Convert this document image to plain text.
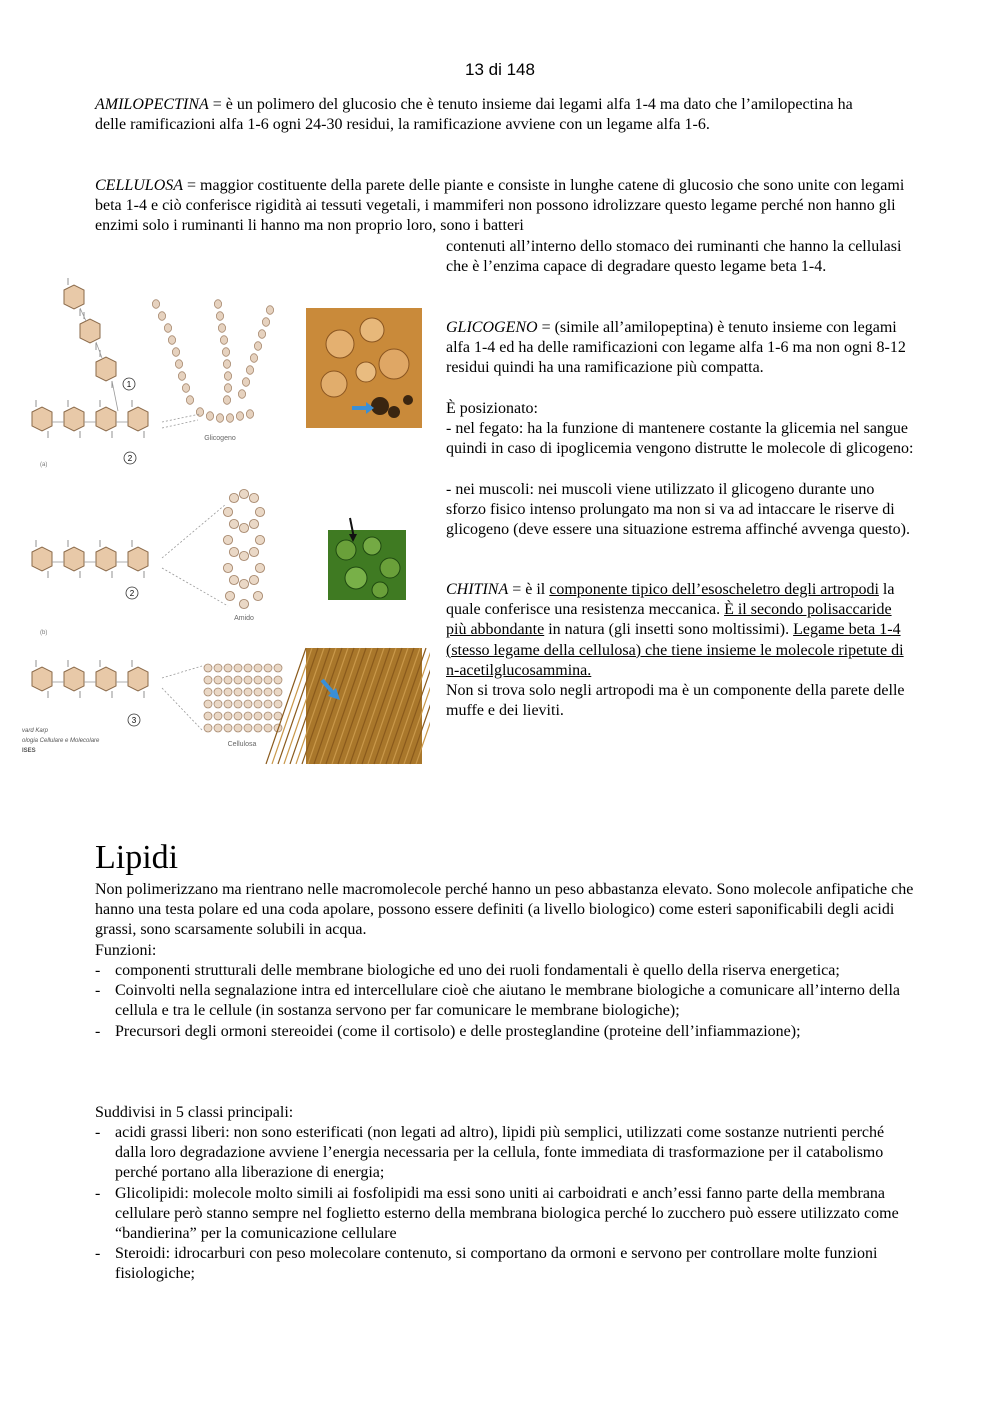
13 di 148

AMILOPECTINA = è un polimero del glucosio che è tenuto insieme dai legami alfa 1-4 ma dato che l’amilopectina ha delle ramificazioni alfa 1-6 ogni 24-30 residui, la ramificazione avviene con un legame alfa 1-6.

CELLULOSA = maggior costituente della parete delle piante e consiste in lunghe catene di glucosio che sono unite con legami beta 1-4 e ciò conferisce rigidità ai tessuti vegetali, i mammiferi non possono idrolizzare questo legame perché non hanno gli enzimi solo i ruminanti li hanno ma non proprio loro, sono i batteri

contenuti all’interno dello stomaco dei ruminanti che hanno la cellulasi che è l’enzima capace di degradare questo legame beta 1-4.

GLICOGENO = (simile all’amilopeptina) è tenuto insieme con legami alfa 1-4 ed ha delle ramificazioni con legame alfa 1-6 ma non ogni 8-12 residui quindi ha una ramificazione più compatta.

È posizionato:

- nel fegato: ha la funzione di mantenere costante la glicemia nel sangue quindi in caso di ipoglicemia vengono distrutte le molecole di glicogeno:

- nei muscoli: nei muscoli viene utilizzato il glicogeno durante uno sforzo fisico intenso prolungato ma non si va ad intaccare le riserve di glicogeno (deve essere una situazione estrema affinché avvenga questo).

CHITINA = è il componente tipico dell’esoscheletro degli artropodi la quale conferisce una resistenza meccanica. È il secondo polisaccaride più abbondante in natura (gli insetti sono moltissimi). Legame beta 1-4 (stesso legame della cellulosa) che tiene insieme le molecole ripetute di n-acetilglucosammina.
Non si trova solo negli artropodi ma è un componente della parete delle muffe e dei lieviti.

1
2
(a)
Glicogeno
2
(b)
Amido
3
Cellulosa
vard Karp
ologia Cellulare e Molecolare
ISES
Lipidi

Non polimerizzano ma rientrano nelle macromolecole perché hanno un peso abbastanza elevato. Sono molecole anfipatiche che hanno una testa polare ed una coda apolare, possono essere definiti (a livello biologico) come esteri saponificabili degli acidi grassi, sono scarsamente solubili in acqua.

Funzioni:

- componenti strutturali delle membrane biologiche ed uno dei ruoli fondamentali è quello della riserva energetica;
- Coinvolti nella segnalazione intra ed intercellulare cioè che aiutano le membrane biologiche a comunicare all’interno della cellula e tra le cellule (in sostanza servono per far comunicare le membrane biologiche);
- Precursori degli ormoni stereoidei (come il cortisolo) e delle prosteglandine (proteine dell’infiammazione);

Suddivisi in 5 classi principali:

- acidi grassi liberi: non sono esterificati (non legati ad altro), lipidi più semplici, utilizzati come sostanze nutrienti perché dalla loro degradazione avviene l’energia necessaria per la cellula, fonte immediata di trasformazione per il catabolismo perché portano alla liberazione di energia;
- Glicolipidi: molecole molto simili ai fosfolipidi ma essi sono uniti ai carboidrati e anch’essi fanno parte della membrana cellulare però stanno sempre nel foglietto esterno della membrana biologica perché lo zucchero può essere utilizzato come “bandierina” per la comunicazione cellulare
- Steroidi: idrocarburi con peso molecolare contenuto, si comportano da ormoni e servono per controllare molte funzioni fisiologiche;
